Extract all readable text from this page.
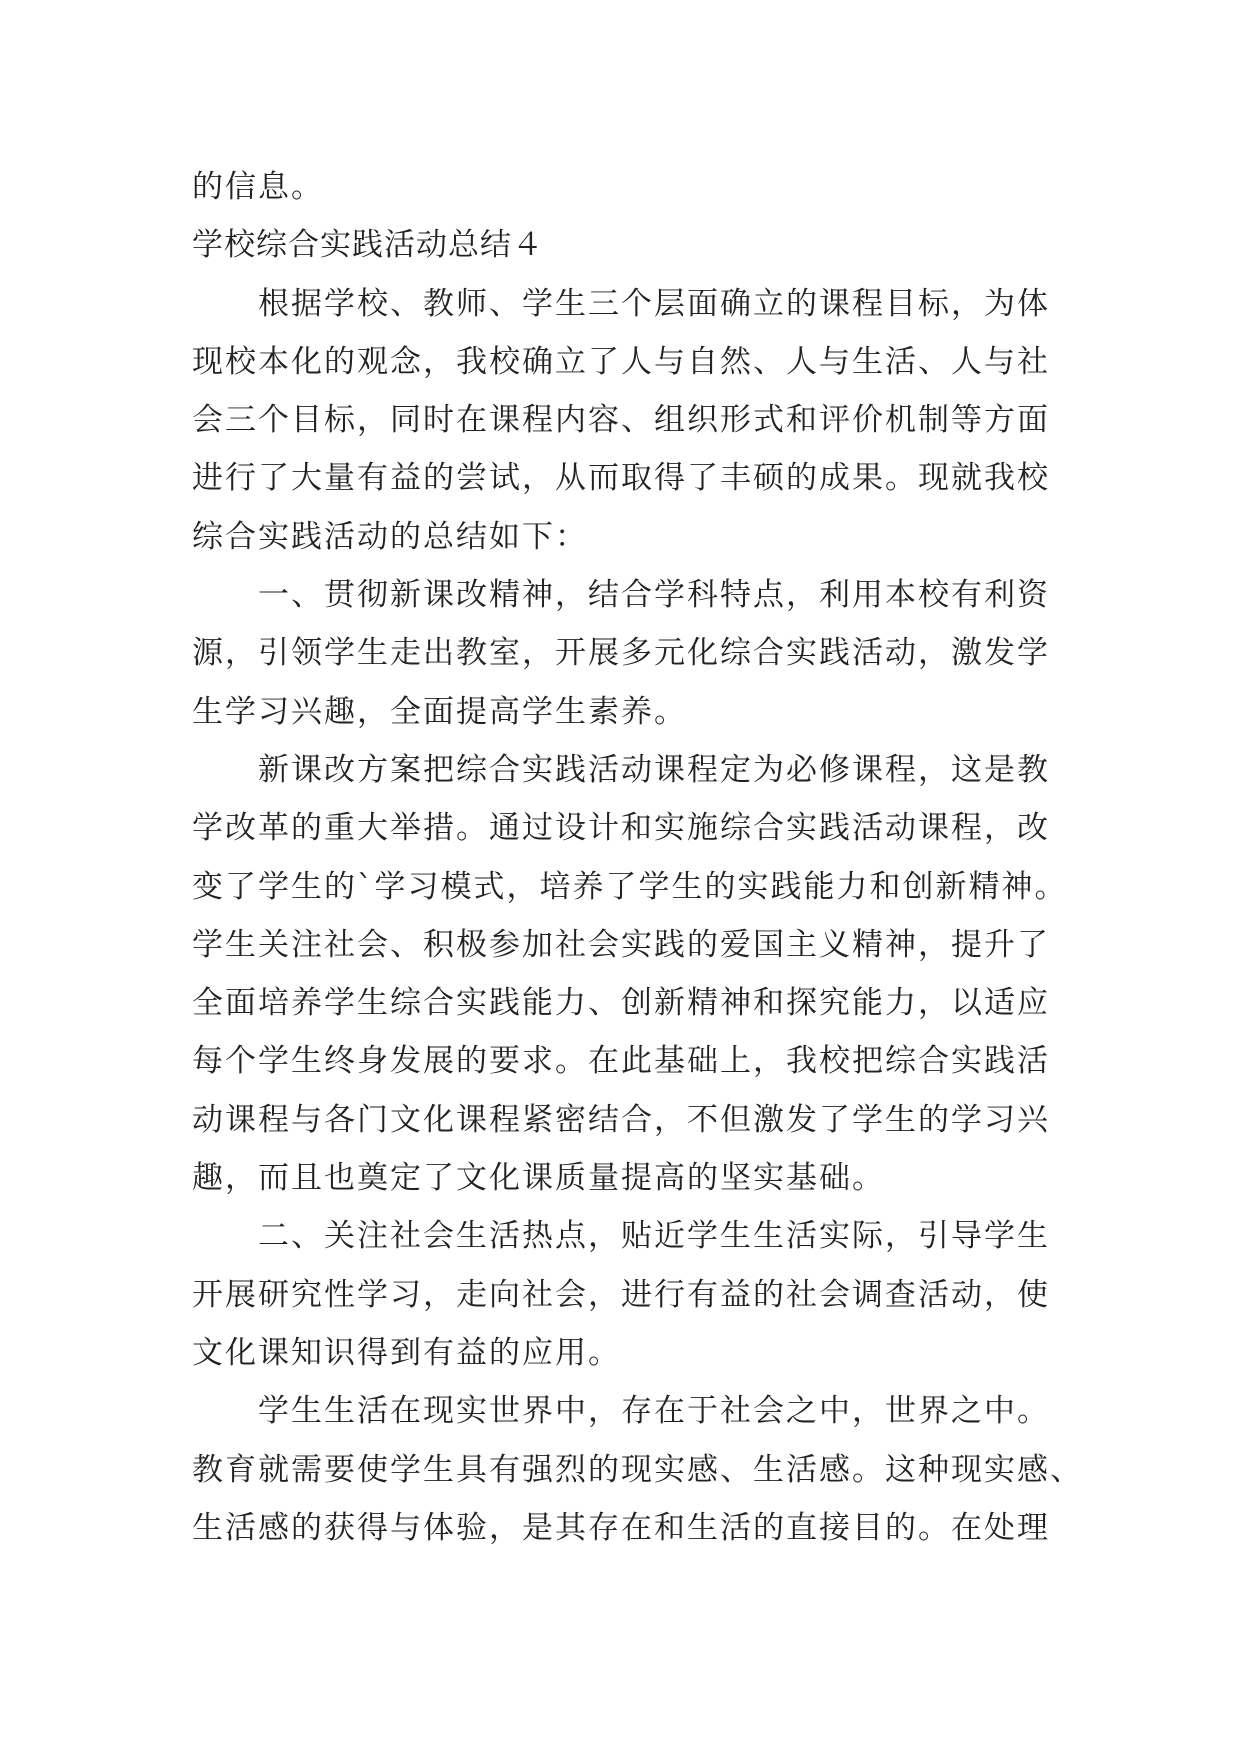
的信息。
学校综合实践活动总结４
根据学校、教师、学生三个层面确立的课程目标，为体
现校本化的观念，我校确立了人与自然、人与生活、人与社
会三个目标，同时在课程内容、组织形式和评价机制等方面
进行了大量有益的尝试，从而取得了丰硕的成果。现就我校
综合实践活动的总结如下：
一、贯彻新课改精神，结合学科特点，利用本校有利资
源，引领学生走出教室，开展多元化综合实践活动，激发学
生学习兴趣，全面提高学生素养。
新课改方案把综合实践活动课程定为必修课程，这是教
学改革的重大举措。通过设计和实施综合实践活动课程，改
变了学生的`学习模式，培养了学生的实践能力和创新精神。
学生关注社会、积极参加社会实践的爱国主义精神，提升了
全面培养学生综合实践能力、创新精神和探究能力，以适应
每个学生终身发展的要求。在此基础上，我校把综合实践活
动课程与各门文化课程紧密结合，不但激发了学生的学习兴
趣，而且也奠定了文化课质量提高的坚实基础。
二、关注社会生活热点，贴近学生生活实际，引导学生
开展研究性学习，走向社会，进行有益的社会调查活动，使
文化课知识得到有益的应用。
学生生活在现实世界中，存在于社会之中，世界之中。
教育就需要使学生具有强烈的现实感、生活感。这种现实感、
生活感的获得与体验，是其存在和生活的直接目的。在处理
